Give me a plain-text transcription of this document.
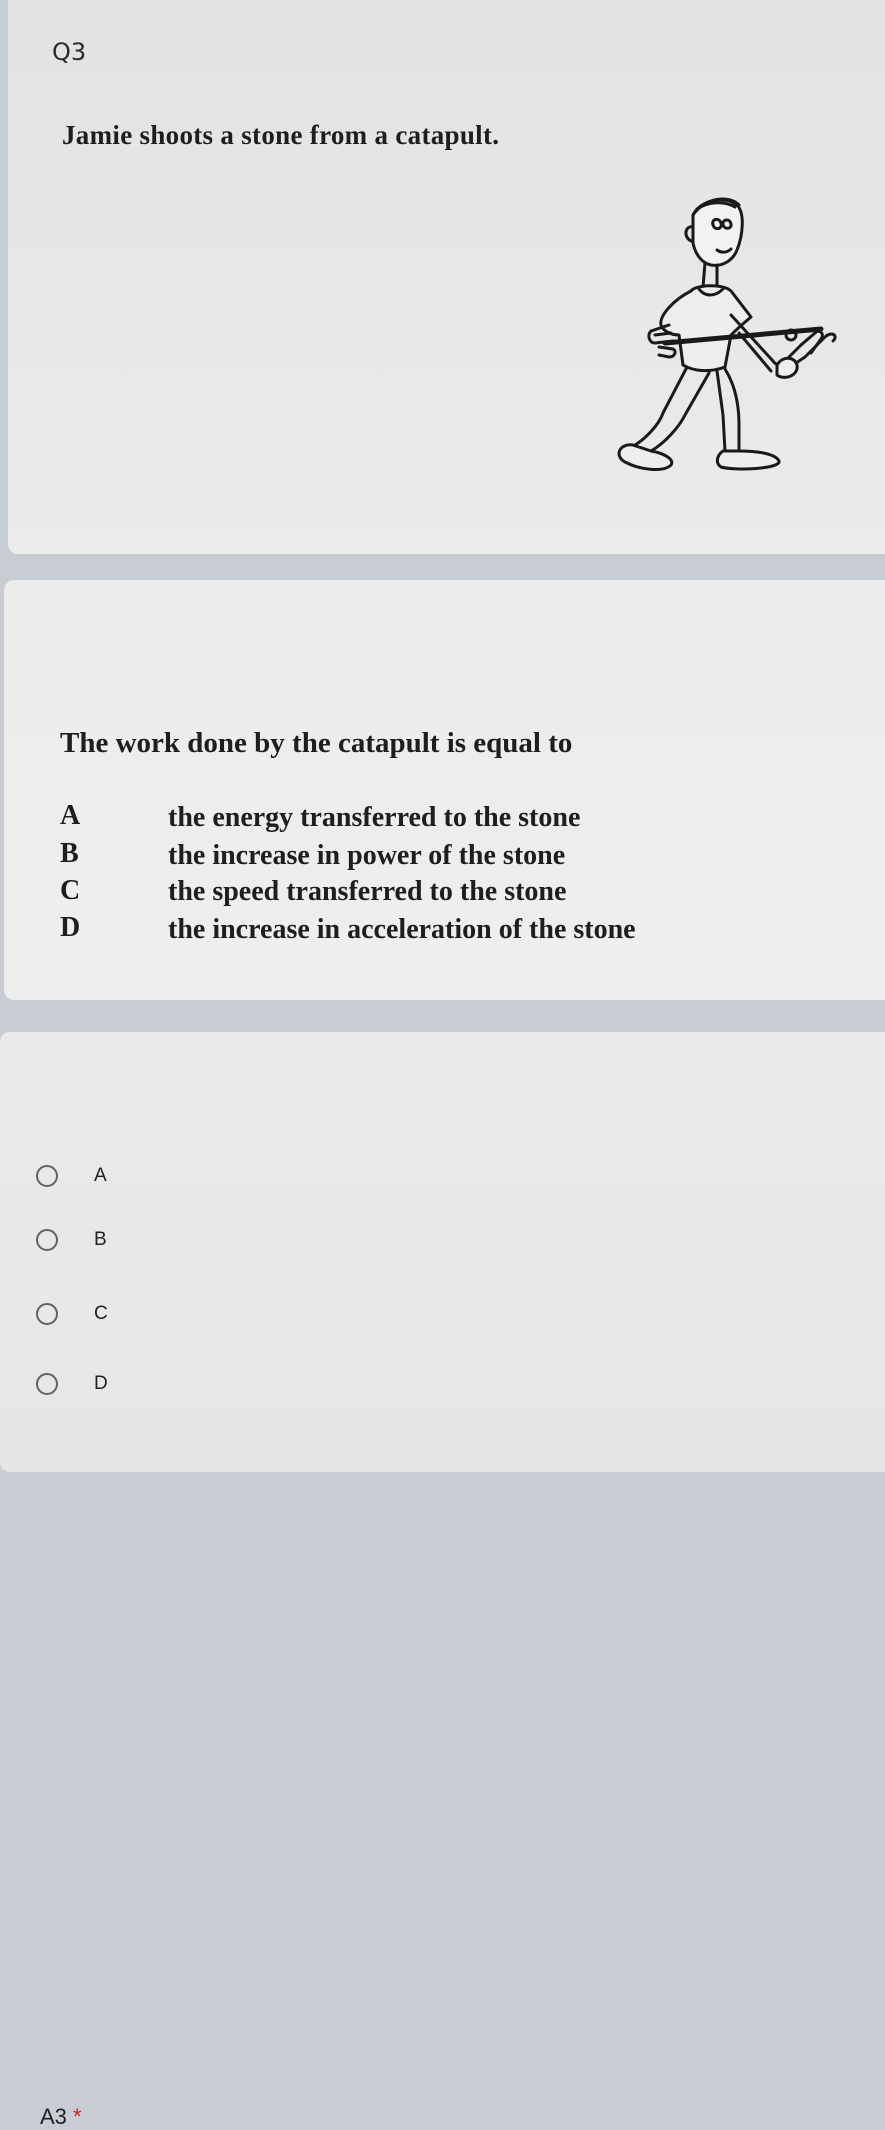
Q3
Jamie shoots a stone from a catapult.
The work done by the catapult is equal to
A	the energy transferred to the stone
B	the increase in power of the stone
C	the speed transferred to the stone
D	the increase in acceleration of the stone
A3 *
A
B
C
D
